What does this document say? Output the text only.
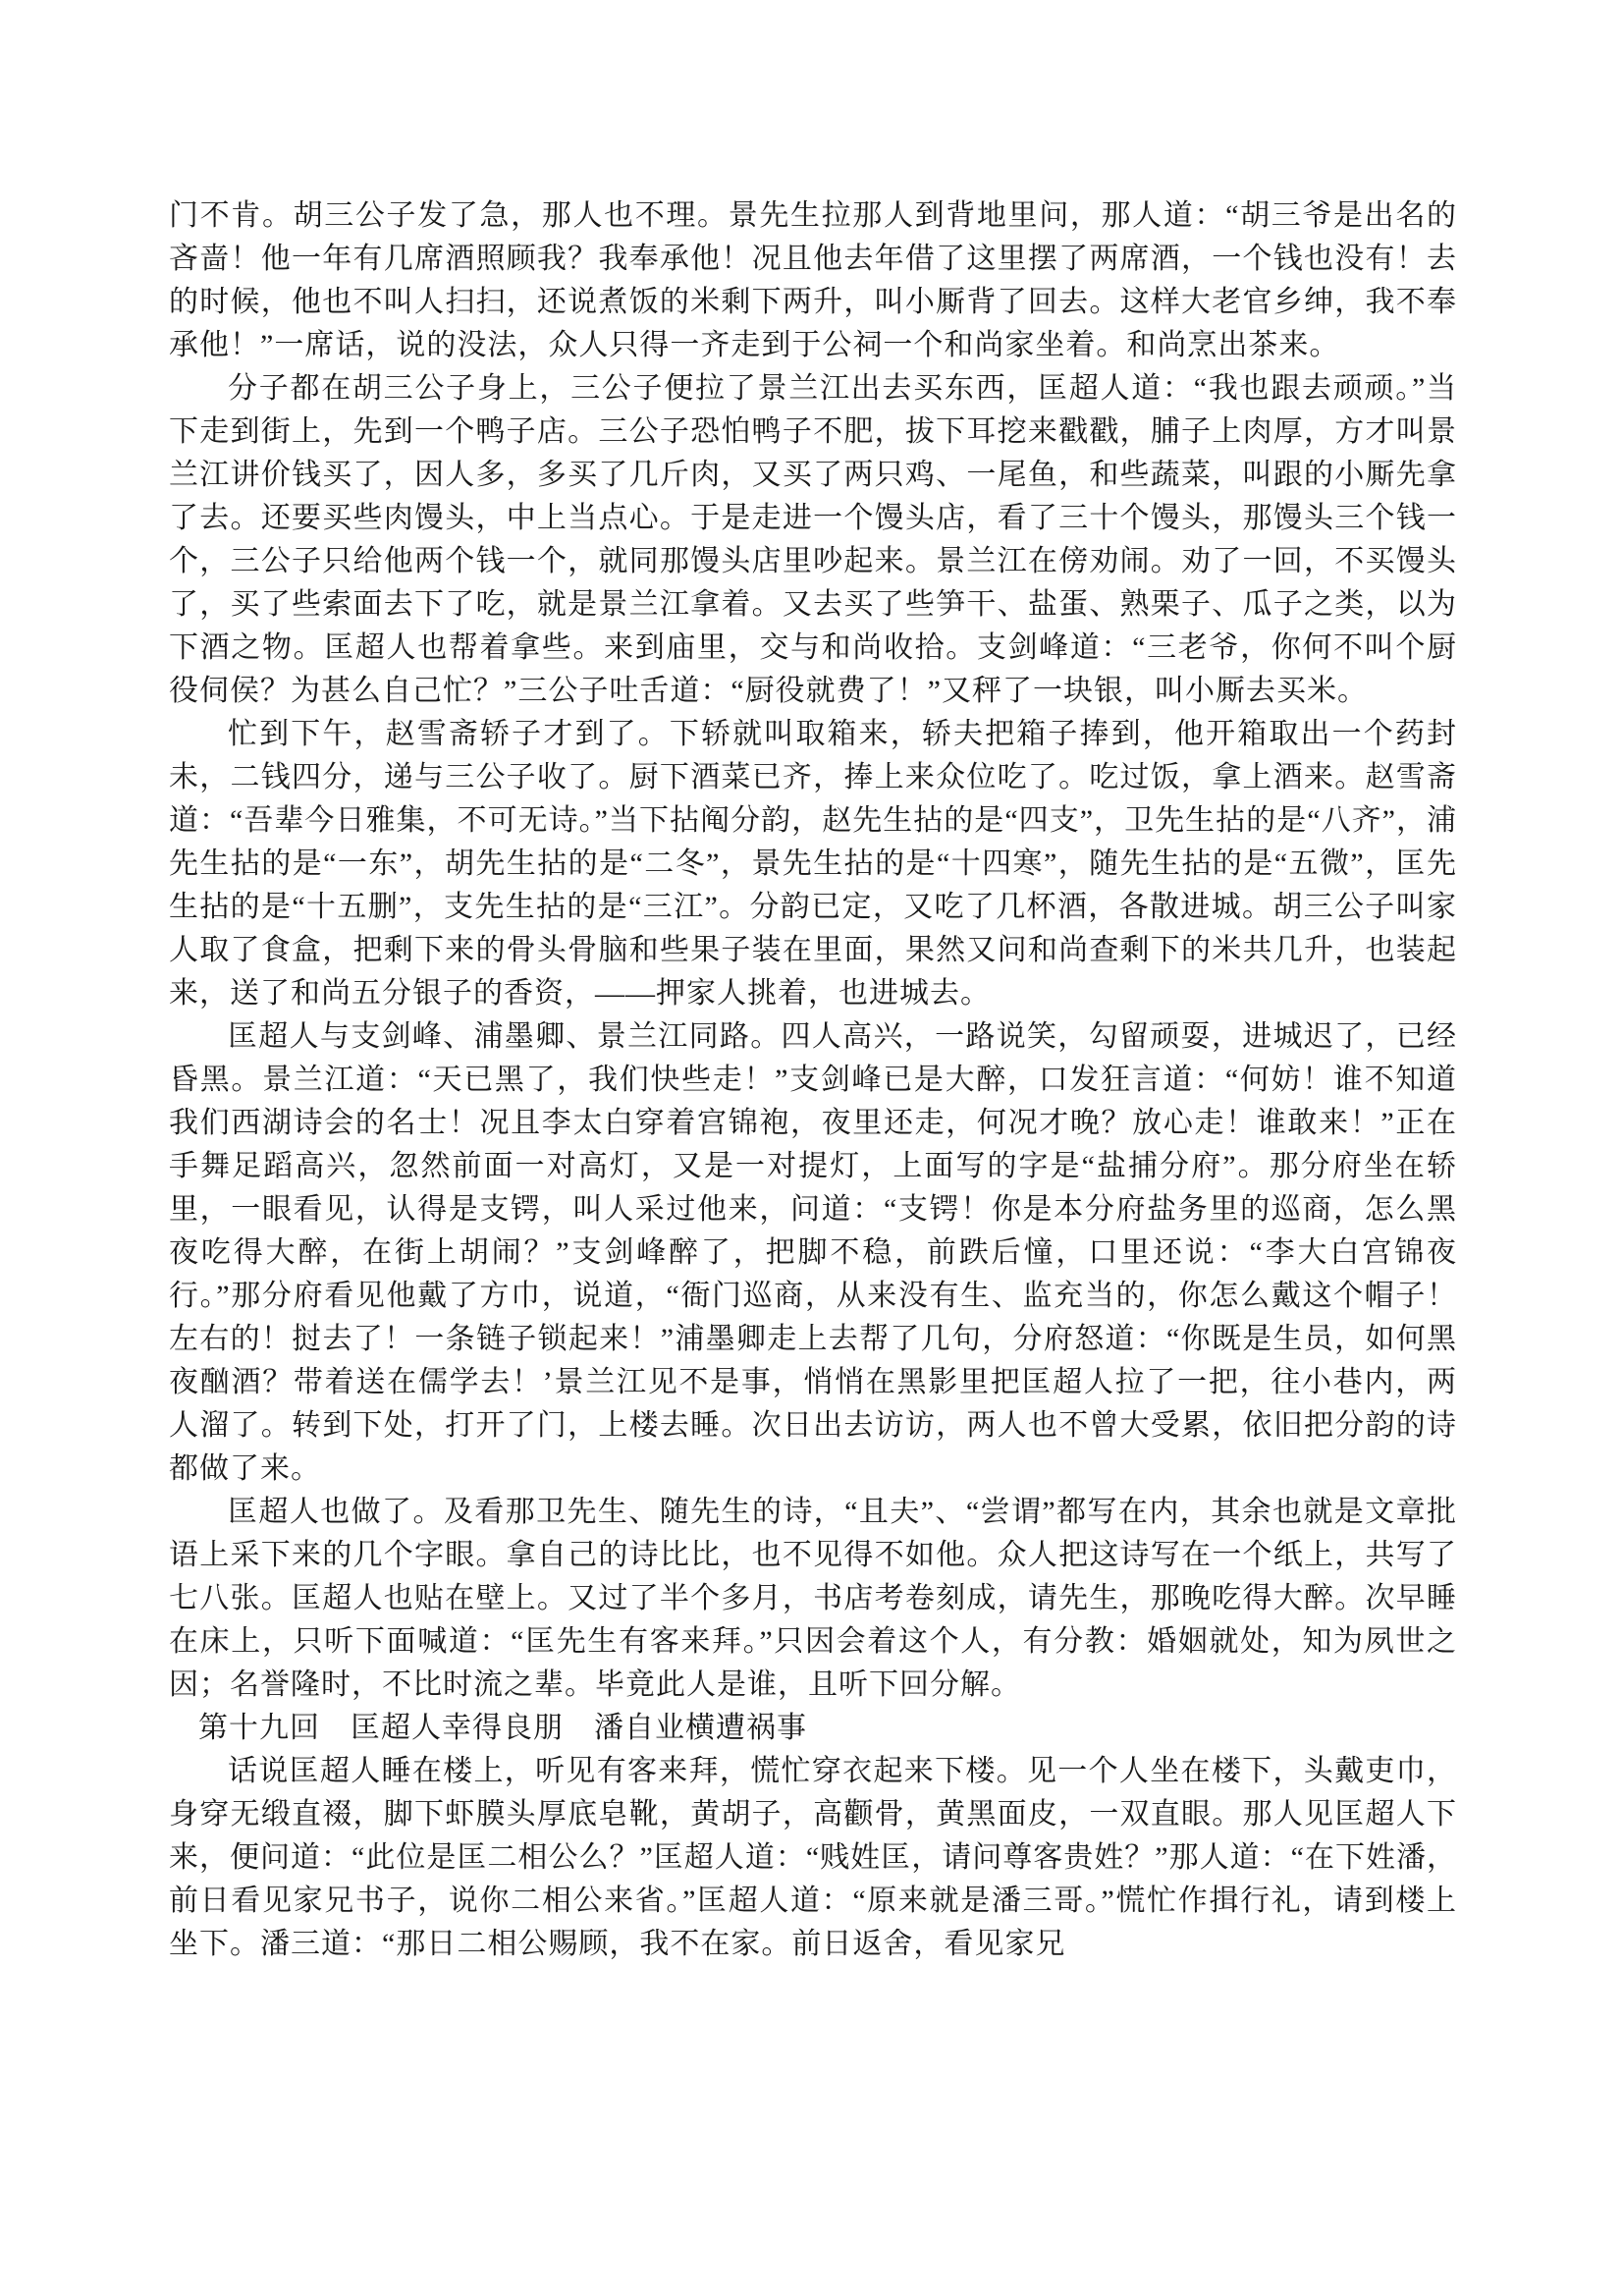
门不肯。胡三公子发了急，那人也不理。景先生拉那人到背地里问，那人道：“胡三爷是出名的吝啬！他一年有几席酒照顾我？我奉承他！况且他去年借了这里摆了两席酒，一个钱也没有！去的时候，他也不叫人扫扫，还说煮饭的米剩下两升，叫小厮背了回去。这样大老官乡绅，我不奉承他！”一席话，说的没法，众人只得一齐走到于公祠一个和尚家坐着。和尚烹出茶来。

分子都在胡三公子身上，三公子便拉了景兰江出去买东西，匡超人道：“我也跟去顽顽。”当下走到街上，先到一个鸭子店。三公子恐怕鸭子不肥，拔下耳挖来戳戳，脯子上肉厚，方才叫景兰江讲价钱买了，因人多，多买了几斤肉，又买了两只鸡、一尾鱼，和些蔬菜，叫跟的小厮先拿了去。还要买些肉馒头，中上当点心。于是走进一个馒头店，看了三十个馒头，那馒头三个钱一个，三公子只给他两个钱一个，就同那馒头店里吵起来。景兰江在傍劝闹。劝了一回，不买馒头了，买了些索面去下了吃，就是景兰江拿着。又去买了些笋干、盐蛋、熟栗子、瓜子之类，以为下酒之物。匡超人也帮着拿些。来到庙里，交与和尚收拾。支剑峰道：“三老爷，你何不叫个厨役伺侯？为甚么自己忙？”三公子吐舌道：“厨役就费了！”又秤了一块银，叫小厮去买米。

忙到下午，赵雪斋轿子才到了。下轿就叫取箱来，轿夫把箱子捧到，他开箱取出一个药封未，二钱四分，递与三公子收了。厨下酒菜已齐，捧上来众位吃了。吃过饭，拿上酒来。赵雪斋道：“吾辈今日雅集，不可无诗。”当下拈阄分韵，赵先生拈的是“四支”，卫先生拈的是“八齐”，浦先生拈的是“一东”，胡先生拈的是“二冬”，景先生拈的是“十四寒”，随先生拈的是“五微”，匡先生拈的是“十五删”，支先生拈的是“三江”。分韵已定，又吃了几杯酒，各散进城。胡三公子叫家人取了食盒，把剩下来的骨头骨脑和些果子装在里面，果然又问和尚查剩下的米共几升，也装起来，送了和尚五分银子的香资，——押家人挑着，也进城去。

匡超人与支剑峰、浦墨卿、景兰江同路。四人高兴，一路说笑，勾留顽耍，进城迟了，已经昏黑。景兰江道：“天已黑了，我们快些走！”支剑峰已是大醉，口发狂言道：“何妨！谁不知道我们西湖诗会的名士！况且李太白穿着宫锦袍，夜里还走，何况才晚？放心走！谁敢来！”正在手舞足蹈高兴，忽然前面一对高灯，又是一对提灯，上面写的字是“盐捕分府”。那分府坐在轿里，一眼看见，认得是支锷，叫人采过他来，问道：“支锷！你是本分府盐务里的巡商，怎么黑夜吃得大醉，在街上胡闹？”支剑峰醉了，把脚不稳，前跌后憧，口里还说：“李大白宫锦夜行。”那分府看见他戴了方巾，说道，“衙门巡商，从来没有生、监充当的，你怎么戴这个帽子！左右的！挝去了！一条链子锁起来！”浦墨卿走上去帮了几句，分府怒道：“你既是生员，如何黑夜酗酒？带着送在儒学去！’景兰江见不是事，悄悄在黑影里把匡超人拉了一把，往小巷内，两人溜了。转到下处，打开了门，上楼去睡。次日出去访访，两人也不曾大受累，依旧把分韵的诗都做了来。

匡超人也做了。及看那卫先生、随先生的诗，“且夫”、“尝谓”都写在内，其余也就是文章批语上采下来的几个字眼。拿自己的诗比比，也不见得不如他。众人把这诗写在一个纸上，共写了七八张。匡超人也贴在壁上。又过了半个多月，书店考卷刻成，请先生，那晚吃得大醉。次早睡在床上，只听下面喊道：“匡先生有客来拜。”只因会着这个人，有分教：婚姻就处，知为夙世之因；名誉隆时，不比时流之辈。毕竟此人是谁，且听下回分解。

第十九回　匡超人幸得良朋　潘自业横遭祸事

话说匡超人睡在楼上，听见有客来拜，慌忙穿衣起来下楼。见一个人坐在楼下，头戴吏巾，身穿无缎直裰，脚下虾膜头厚底皂靴，黄胡子，高颧骨，黄黑面皮，一双直眼。那人见匡超人下来，便问道：“此位是匡二相公么？”匡超人道：“贱姓匡，请问尊客贵姓？”那人道：“在下姓潘，前日看见家兄书子，说你二相公来省。”匡超人道：“原来就是潘三哥。”慌忙作揖行礼，请到楼上坐下。潘三道：“那日二相公赐顾，我不在家。前日返舍，看见家兄
